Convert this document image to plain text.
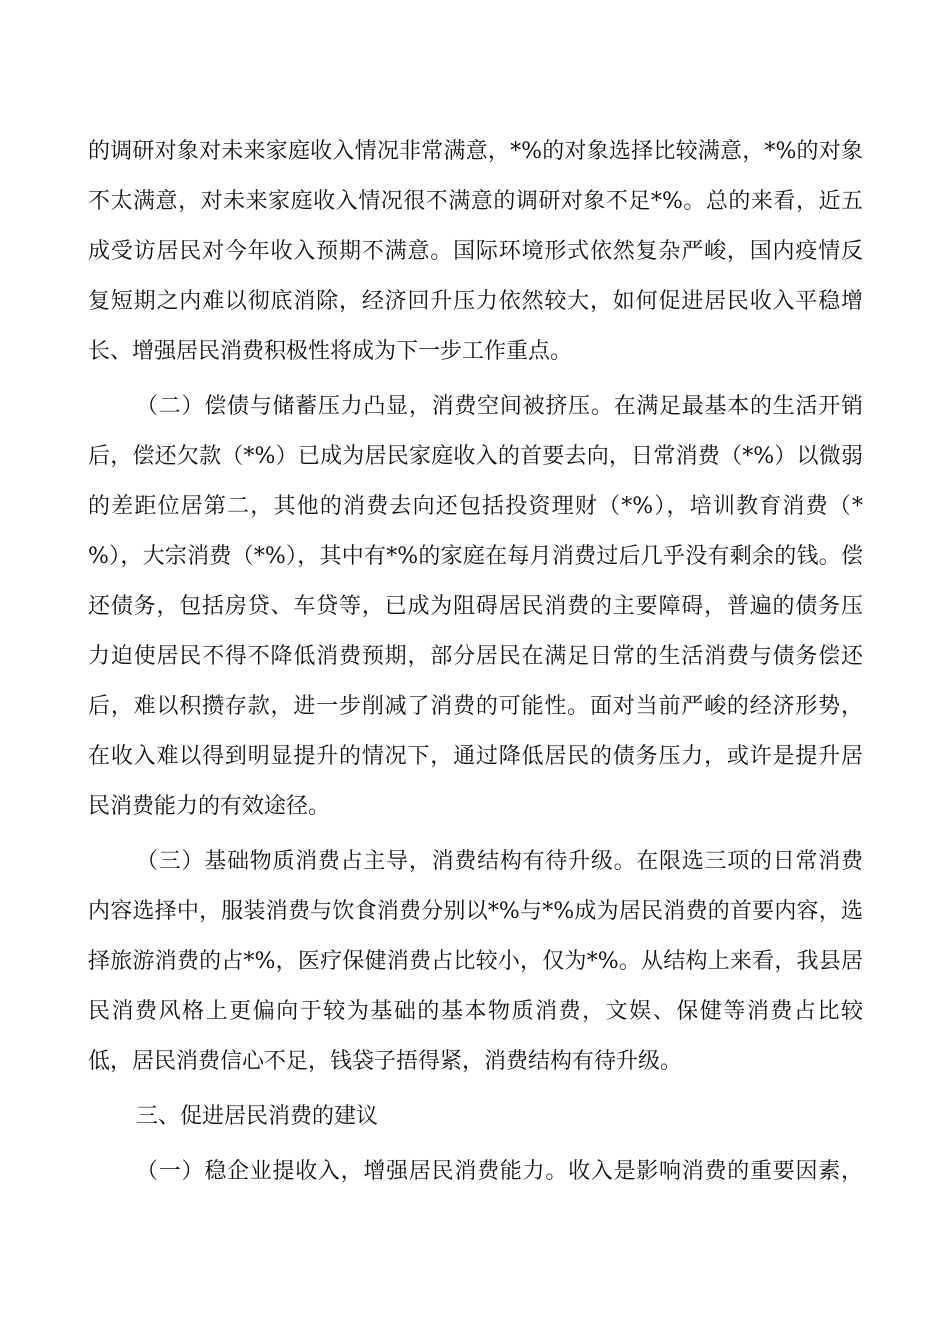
的调研对象对未来家庭收入情况非常满意，*%的对象选择比较满意，*%的对象
不太满意，对未来家庭收入情况很不满意的调研对象不足*%。总的来看，近五
成受访居民对今年收入预期不满意。国际环境形式依然复杂严峻，国内疫情反
复短期之内难以彻底消除，经济回升压力依然较大，如何促进居民收入平稳增
长、增强居民消费积极性将成为下一步工作重点。
（二）偿债与储蓄压力凸显，消费空间被挤压。在满足最基本的生活开销
后，偿还欠款（*%）已成为居民家庭收入的首要去向，日常消费（*%）以微弱
的差距位居第二，其他的消费去向还包括投资理财（*%），培训教育消费（*
%），大宗消费（*%），其中有*%的家庭在每月消费过后几乎没有剩余的钱。偿
还债务，包括房贷、车贷等，已成为阻碍居民消费的主要障碍，普遍的债务压
力迫使居民不得不降低消费预期，部分居民在满足日常的生活消费与债务偿还
后，难以积攒存款，进一步削减了消费的可能性。面对当前严峻的经济形势，
在收入难以得到明显提升的情况下，通过降低居民的债务压力，或许是提升居
民消费能力的有效途径。
（三）基础物质消费占主导，消费结构有待升级。在限选三项的日常消费
内容选择中，服装消费与饮食消费分别以*%与*%成为居民消费的首要内容，选
择旅游消费的占*%，医疗保健消费占比较小，仅为*%。从结构上来看，我县居
民消费风格上更偏向于较为基础的基本物质消费，文娱、保健等消费占比较
低，居民消费信心不足，钱袋子捂得紧，消费结构有待升级。
三、促进居民消费的建议
（一）稳企业提收入，增强居民消费能力。收入是影响消费的重要因素，
